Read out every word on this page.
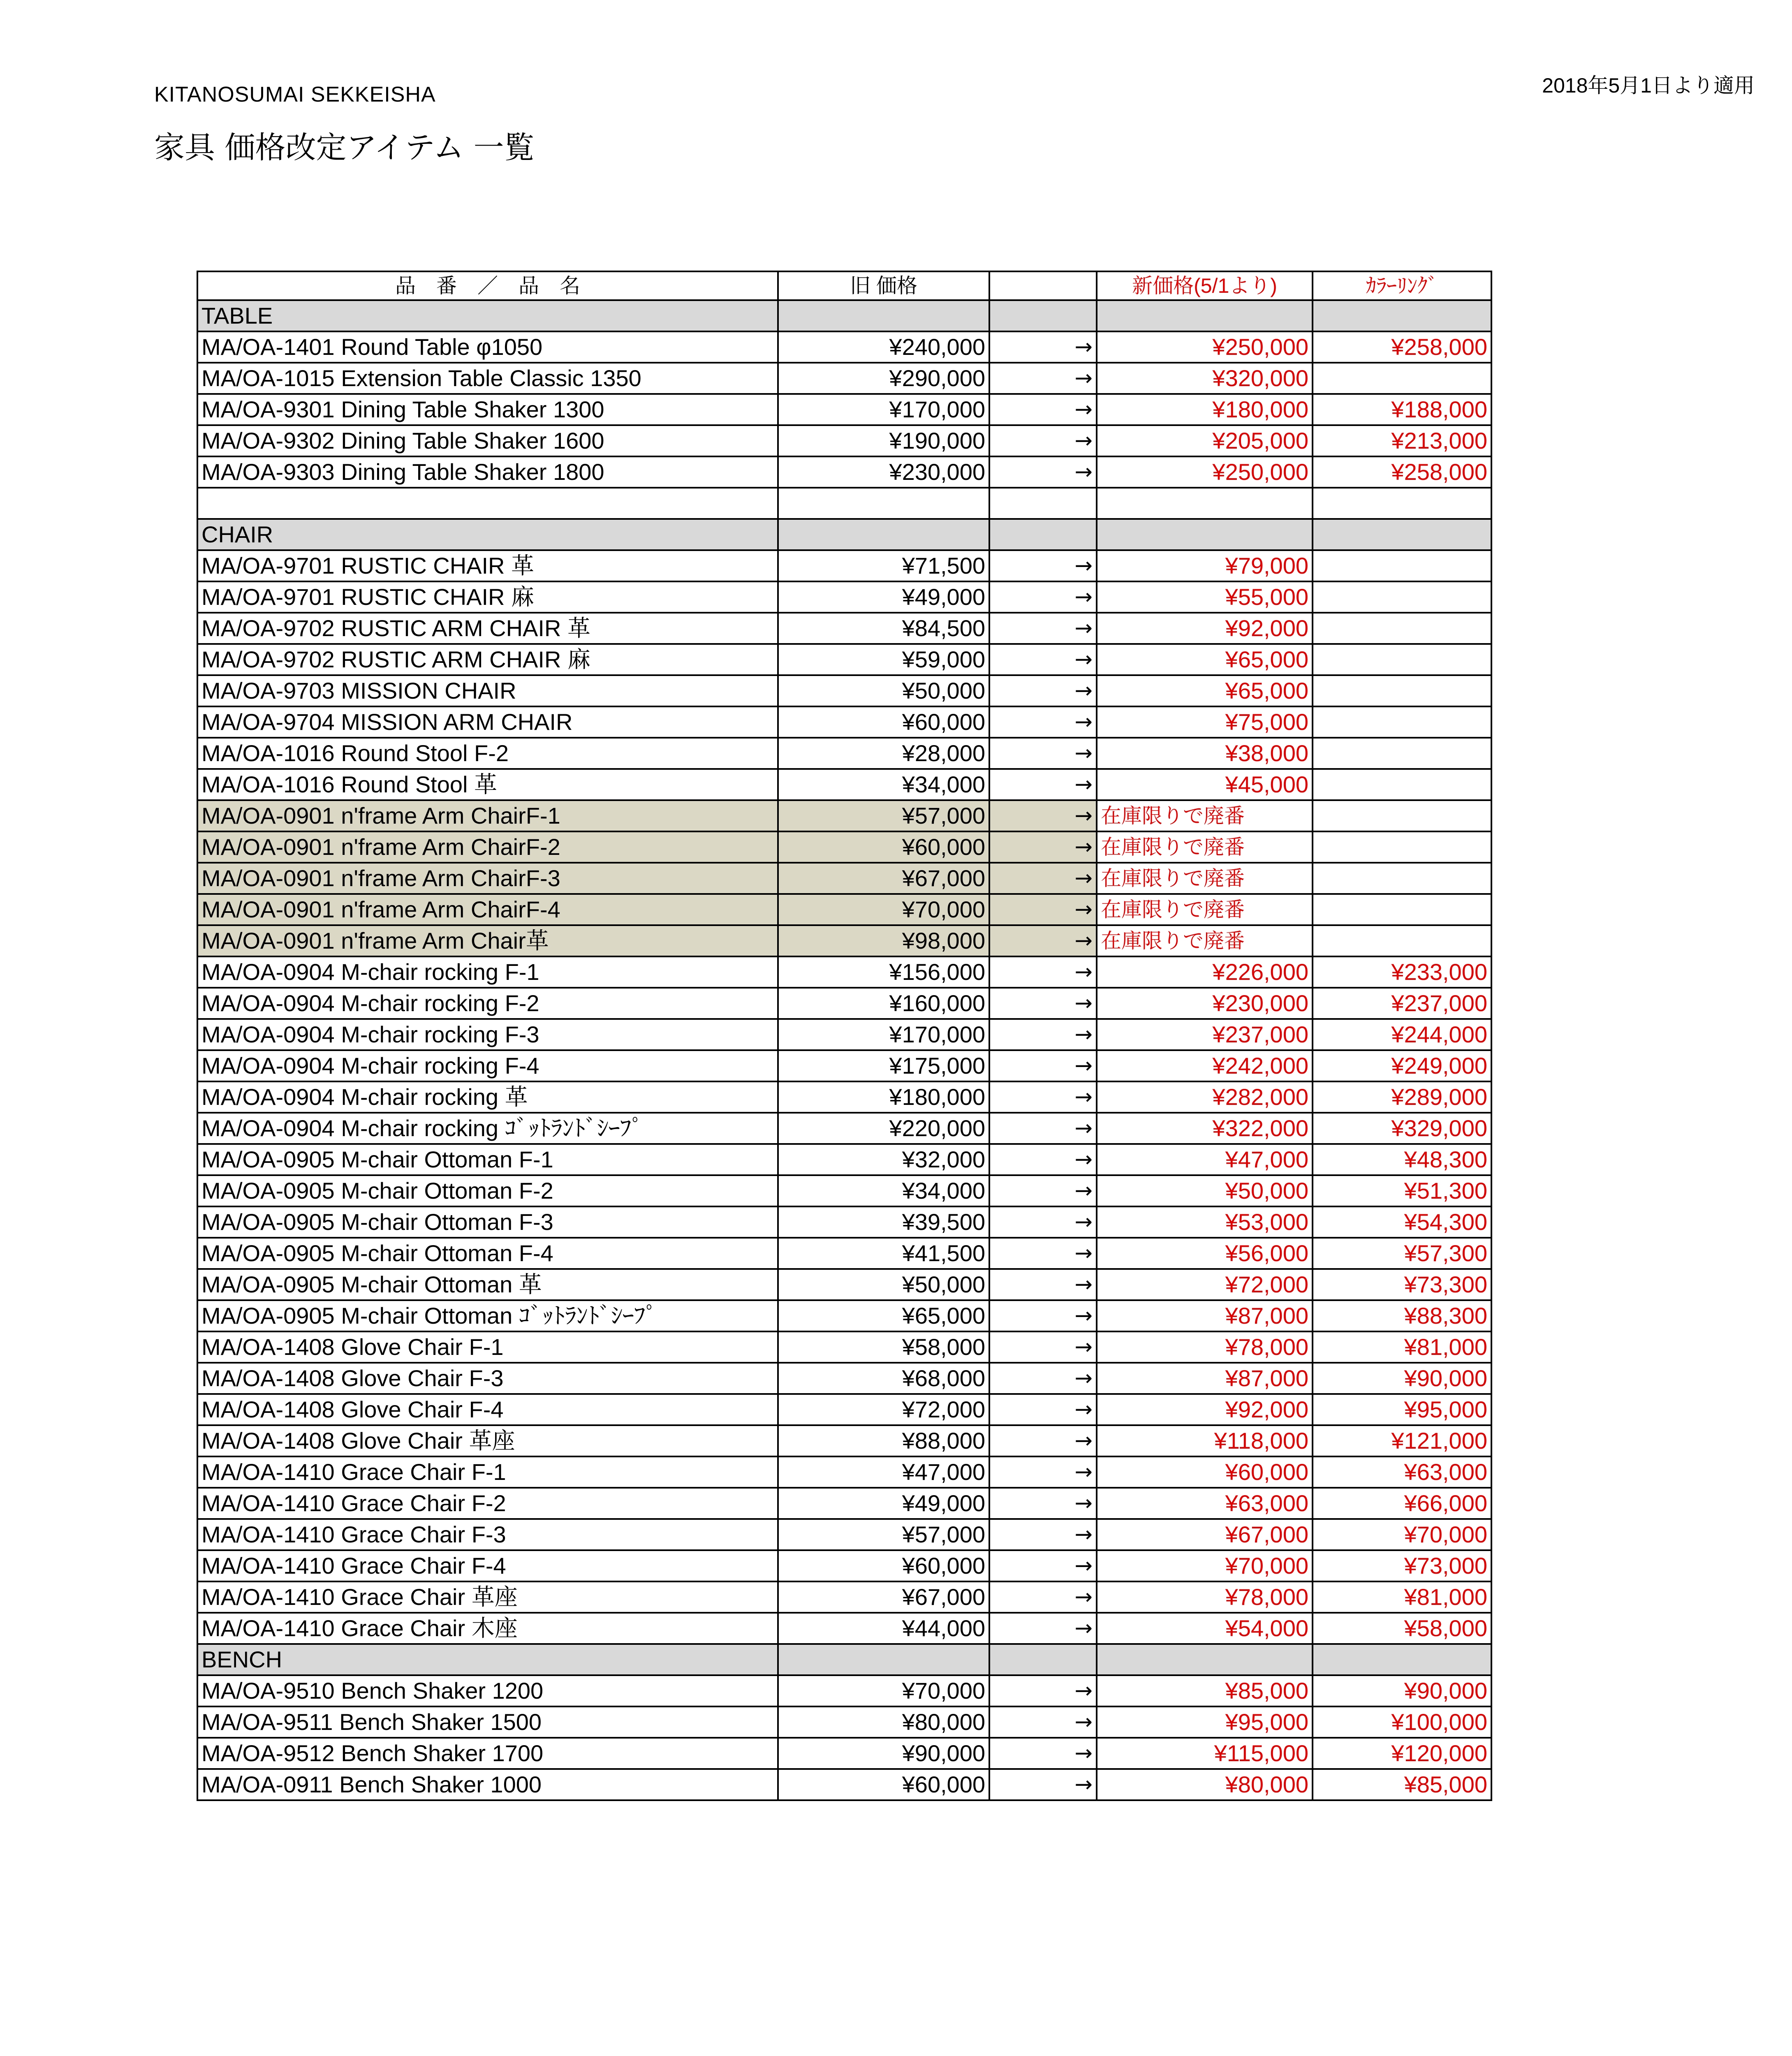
KITANOSUMAI SEKKEISHA	2018年5月1日より適用
家具 価格改定アイテム 一覧
品　番　／　品　名	旧 価格		新価格(5/1より)	ｶﾗｰﾘﾝｸﾞ
TABLE				
MA/OA-1401 Round Table φ1050	¥240,000	→	¥250,000	¥258,000
MA/OA-1015 Extension Table Classic 1350	¥290,000	→	¥320,000	
MA/OA-9301 Dining Table Shaker 1300	¥170,000	→	¥180,000	¥188,000
MA/OA-9302 Dining Table Shaker 1600	¥190,000	→	¥205,000	¥213,000
MA/OA-9303 Dining Table Shaker 1800	¥230,000	→	¥250,000	¥258,000

CHAIR				
MA/OA-9701 RUSTIC CHAIR 革	¥71,500	→	¥79,000	
MA/OA-9701 RUSTIC CHAIR 麻	¥49,000	→	¥55,000	
MA/OA-9702 RUSTIC ARM CHAIR 革	¥84,500	→	¥92,000	
MA/OA-9702 RUSTIC ARM CHAIR 麻	¥59,000	→	¥65,000	
MA/OA-9703 MISSION CHAIR	¥50,000	→	¥65,000	
MA/OA-9704 MISSION ARM CHAIR	¥60,000	→	¥75,000	
MA/OA-1016 Round Stool F-2	¥28,000	→	¥38,000	
MA/OA-1016 Round Stool 革	¥34,000	→	¥45,000	
MA/OA-0901 n'frame Arm ChairF-1	¥57,000	→	在庫限りで廃番	
MA/OA-0901 n'frame Arm ChairF-2	¥60,000	→	在庫限りで廃番	
MA/OA-0901 n'frame Arm ChairF-3	¥67,000	→	在庫限りで廃番	
MA/OA-0901 n'frame Arm ChairF-4	¥70,000	→	在庫限りで廃番	
MA/OA-0901 n'frame Arm Chair革	¥98,000	→	在庫限りで廃番	
MA/OA-0904 M-chair rocking F-1	¥156,000	→	¥226,000	¥233,000
MA/OA-0904 M-chair rocking F-2	¥160,000	→	¥230,000	¥237,000
MA/OA-0904 M-chair rocking F-3	¥170,000	→	¥237,000	¥244,000
MA/OA-0904 M-chair rocking F-4	¥175,000	→	¥242,000	¥249,000
MA/OA-0904 M-chair rocking 革	¥180,000	→	¥282,000	¥289,000
MA/OA-0904 M-chair rocking ｺﾞｯﾄﾗﾝﾄﾞｼｰﾌﾟ	¥220,000	→	¥322,000	¥329,000
MA/OA-0905 M-chair Ottoman F-1	¥32,000	→	¥47,000	¥48,300
MA/OA-0905 M-chair Ottoman F-2	¥34,000	→	¥50,000	¥51,300
MA/OA-0905 M-chair Ottoman F-3	¥39,500	→	¥53,000	¥54,300
MA/OA-0905 M-chair Ottoman F-4	¥41,500	→	¥56,000	¥57,300
MA/OA-0905 M-chair Ottoman 革	¥50,000	→	¥72,000	¥73,300
MA/OA-0905 M-chair Ottoman ｺﾞｯﾄﾗﾝﾄﾞｼｰﾌﾟ	¥65,000	→	¥87,000	¥88,300
MA/OA-1408 Glove Chair F-1	¥58,000	→	¥78,000	¥81,000
MA/OA-1408 Glove Chair F-3	¥68,000	→	¥87,000	¥90,000
MA/OA-1408 Glove Chair F-4	¥72,000	→	¥92,000	¥95,000
MA/OA-1408 Glove Chair 革座	¥88,000	→	¥118,000	¥121,000
MA/OA-1410 Grace Chair F-1	¥47,000	→	¥60,000	¥63,000
MA/OA-1410 Grace Chair F-2	¥49,000	→	¥63,000	¥66,000
MA/OA-1410 Grace Chair F-3	¥57,000	→	¥67,000	¥70,000
MA/OA-1410 Grace Chair F-4	¥60,000	→	¥70,000	¥73,000
MA/OA-1410 Grace Chair 革座	¥67,000	→	¥78,000	¥81,000
MA/OA-1410 Grace Chair 木座	¥44,000	→	¥54,000	¥58,000
BENCH				
MA/OA-9510 Bench Shaker 1200	¥70,000	→	¥85,000	¥90,000
MA/OA-9511 Bench Shaker 1500	¥80,000	→	¥95,000	¥100,000
MA/OA-9512 Bench Shaker 1700	¥90,000	→	¥115,000	¥120,000
MA/OA-0911 Bench Shaker 1000	¥60,000	→	¥80,000	¥85,000
